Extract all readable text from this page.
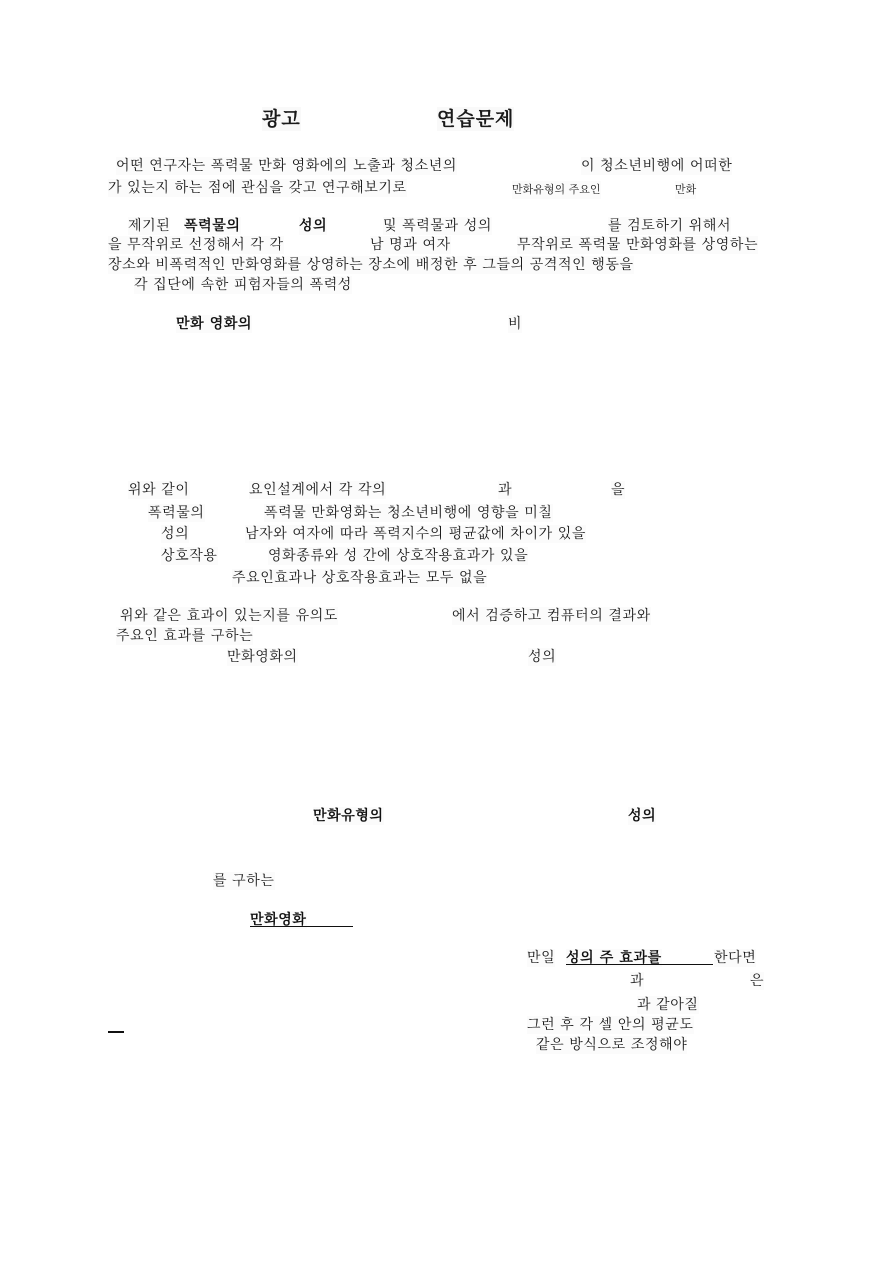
광고	연습문제
어떤 연구자는 폭력물 만화 영화에의 노출과 청소년의	이 청소년비행에 어떠한
가 있는지 하는 점에 관심을 갖고 연구해보기로	만화유형의 주요인	만화
제기된 폭력물의	성의	및 폭력물과 성의	를 검토하기 위해서
을 무작위로 선정해서 각 각	남 명과 여자	무작위로 폭력물 만화영화를 상영하는
장소와 비폭력적인 만화영화를 상영하는 장소에 배정한 후 그들의 공격적인 행동을
각 집단에 속한 피험자들의 폭력성
만화 영화의	비
위와 같이	요인설계에서 각 각의	과	을
폭력물의	폭력물 만화영화는 청소년비행에 영향을 미칠
성의	남자와 여자에 따라 폭력지수의 평균값에 차이가 있을
상호작용	영화종류와 성 간에 상호작용효과가 있을
주요인효과나 상호작용효과는 모두 없을
위와 같은 효과이 있는지를 유의도	에서 검증하고 컴퓨터의 결과와
주요인 효과를 구하는
만화영화의	성의
만화유형의	성의
를 구하는
만화영화
만일 성의 주 효과를	한다면
과	은
과 같아질
그런 후 각 셀 안의 평균도
같은 방식으로 조정해야
